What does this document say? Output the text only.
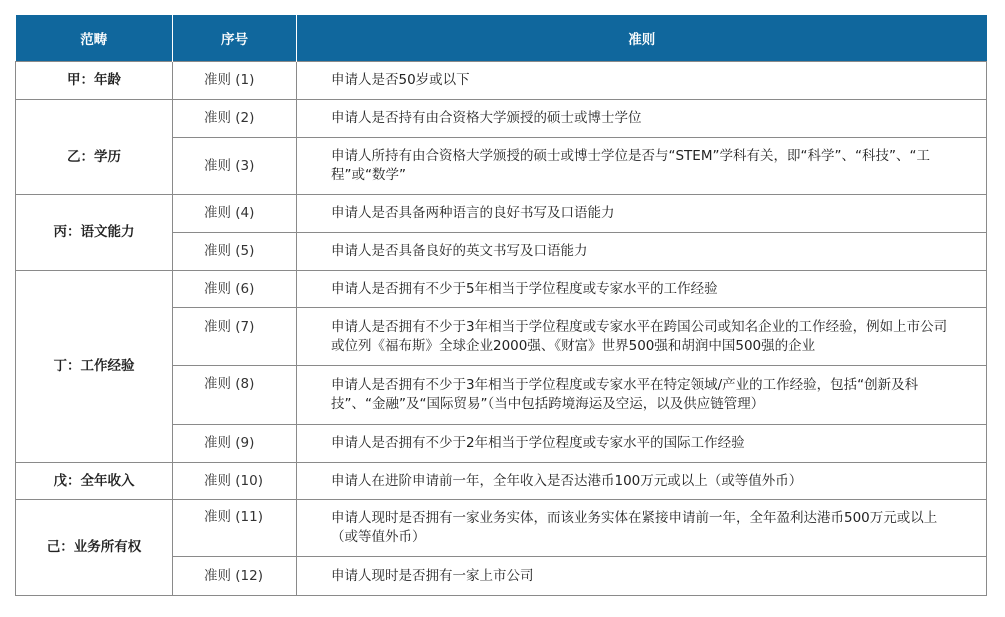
范畴	序号	准则
甲：年龄	准则 (1)	申请人是否50岁或以下
乙：学历	准则 (2)	申请人是否持有由合资格大学颁授的硕士或博士学位
	准则 (3)	申请人所持有由合资格大学颁授的硕士或博士学位是否与“STEM”学科有关，即“科学”、“科技”、“工程”或“数学”
丙：语文能力	准则 (4)	申请人是否具备两种语言的良好书写及口语能力
	准则 (5)	申请人是否具备良好的英文书写及口语能力
丁：工作经验	准则 (6)	申请人是否拥有不少于5年相当于学位程度或专家水平的工作经验
	准则 (7)	申请人是否拥有不少于3年相当于学位程度或专家水平在跨国公司或知名企业的工作经验，例如上市公司或位列《福布斯》全球企业2000强、《财富》世界500强和胡润中国500强的企业
	准则 (8)	申请人是否拥有不少于3年相当于学位程度或专家水平在特定领域/产业的工作经验，包括“创新及科技”、“金融”及“国际贸易”（当中包括跨境海运及空运，以及供应链管理）
	准则 (9)	申请人是否拥有不少于2年相当于学位程度或专家水平的国际工作经验
戊：全年收入	准则 (10)	申请人在进阶申请前一年，全年收入是否达港币100万元或以上（或等值外币）
己：业务所有权	准则 (11)	申请人现时是否拥有一家业务实体，而该业务实体在紧接申请前一年，全年盈利达港币500万元或以上（或等值外币）
	准则 (12)	申请人现时是否拥有一家上市公司
